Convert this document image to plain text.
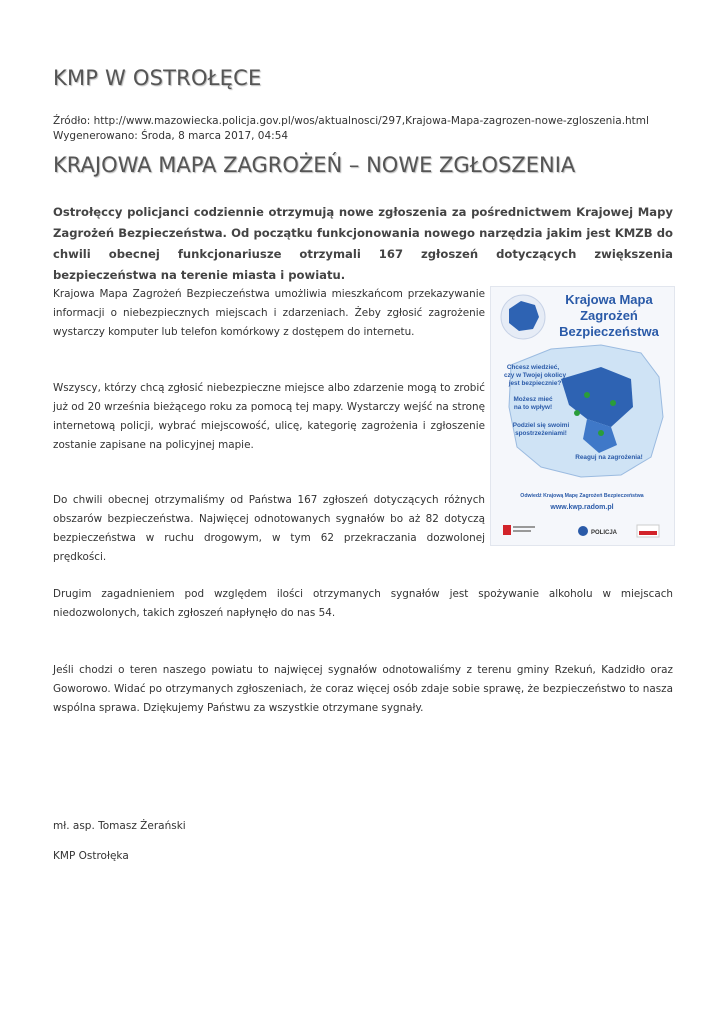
KMP W OSTROŁĘCE
Źródło: http://www.mazowiecka.policja.gov.pl/wos/aktualnosci/297,Krajowa-Mapa-zagrozen-nowe-zgloszenia.html
Wygenerowano: Środa, 8 marca 2017, 04:54
KRAJOWA MAPA ZAGROŻEŃ – NOWE ZGŁOSZENIA
Ostrołęccy policjanci codziennie otrzymują nowe zgłoszenia za pośrednictwem Krajowej Mapy Zagrożeń Bezpieczeństwa. Od początku funkcjonowania nowego narzędzia jakim jest KMZB do chwili obecnej funkcjonariusze otrzymali 167 zgłoszeń dotyczących zwiększenia bezpieczeństwa na terenie miasta i powiatu.
Krajowa Mapa Zagrożeń Bezpieczeństwa umożliwia mieszkańcom przekazywanie informacji o niebezpiecznych miejscach i zdarzeniach. Żeby zgłosić zagrożenie wystarczy komputer lub telefon komórkowy z dostępem do internetu.
Wszyscy, którzy chcą zgłosić niebezpieczne miejsce albo zdarzenie mogą to zrobić już od 20 września bieżącego roku za pomocą tej mapy. Wystarczy wejść na stronę internetową policji, wybrać miejscowość, ulicę, kategorię zagrożenia i zgłoszenie zostanie zapisane na policyjnej mapie.
Do chwili obecnej otrzymaliśmy od Państwa 167 zgłoszeń dotyczących różnych obszarów bezpieczeństwa. Najwięcej odnotowanych sygnałów bo aż 82 dotyczą bezpieczeństwa w ruchu drogowym, w tym 62 przekraczania dozwolonej prędkości.
Drugim zagadnieniem pod względem ilości otrzymanych sygnałów jest spożywanie alkoholu w miejscach niedozwolonych, takich zgłoszeń napłynęło do nas 54.
Jeśli chodzi o teren naszego powiatu to najwięcej sygnałów odnotowaliśmy z terenu gminy Rzekuń, Kadzidło oraz Goworowo. Widać po otrzymanych zgłoszeniach, że coraz więcej osób zdaje sobie sprawę, że bezpieczeństwo to nasza wspólna sprawa. Dziękujemy Państwu za wszystkie otrzymane sygnały.
mł. asp. Tomasz Żerański
KMP Ostrołęka
Krajowa Mapa
Zagrożeń
Bezpieczeństwa
Chcesz wiedzieć,
czy w Twojej okolicy
jest bezpiecznie?
Możesz mieć
na to wpływ!
Podziel się swoimi
spostrzeżeniami!
Reaguj na zagrożenia!
Odwiedź Krajową Mapę Zagrożeń Bezpieczeństwa
www.kwp.radom.pl
POLICJA
